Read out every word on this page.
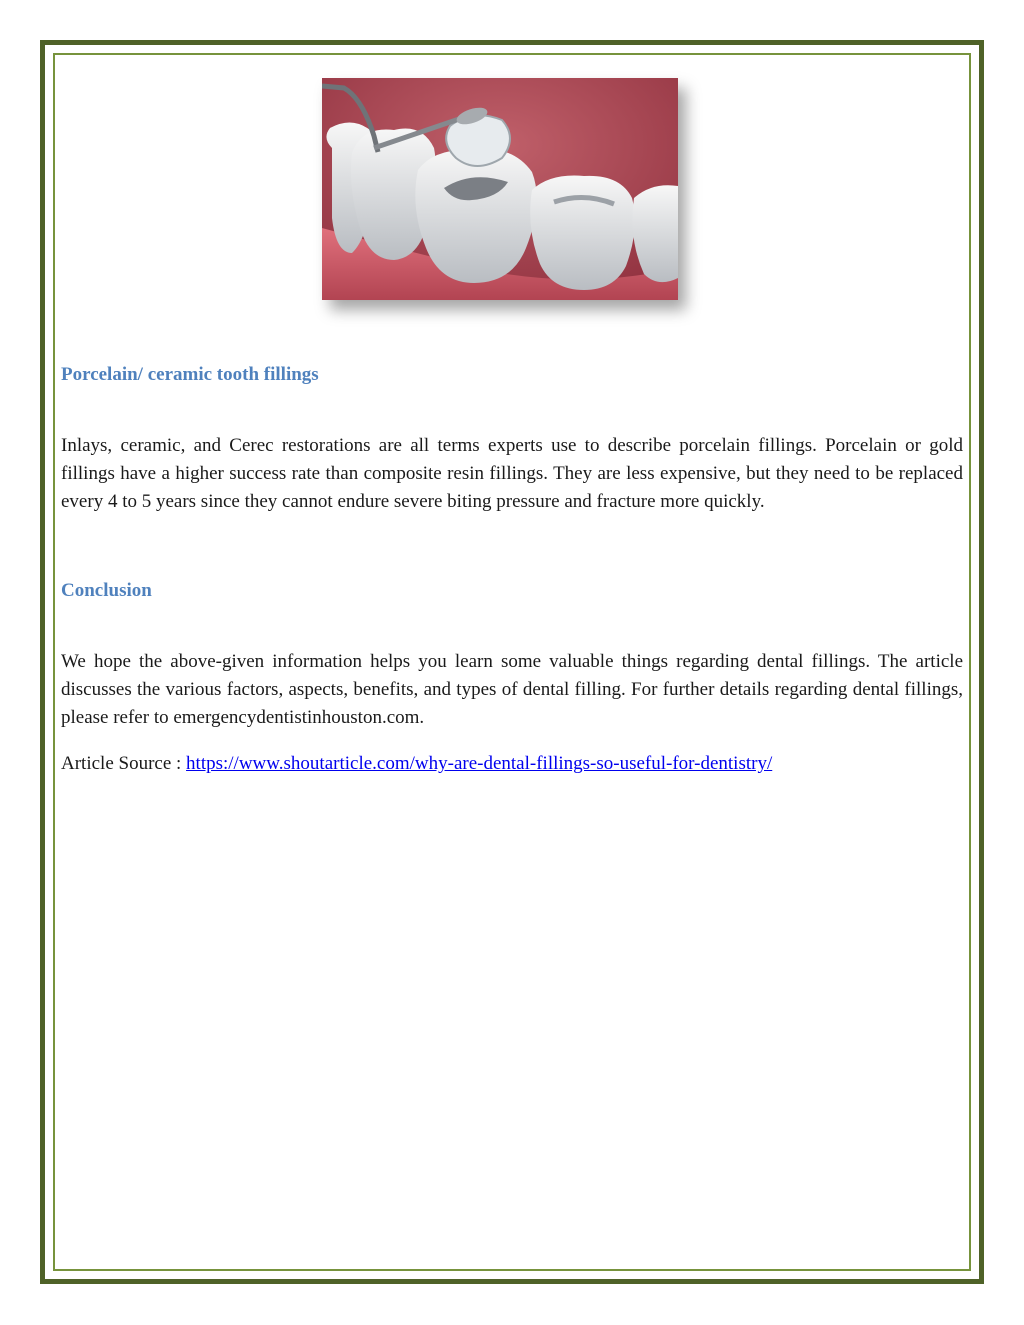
Porcelain/ ceramic tooth fillings

Inlays, ceramic, and Cerec restorations are all terms experts use to describe porcelain fillings. Porcelain or gold fillings have a higher success rate than composite resin fillings. They are less expensive, but they need to be replaced every 4 to 5 years since they cannot endure severe biting pressure and fracture more quickly.

Conclusion

We hope the above-given information helps you learn some valuable things regarding dental fillings. The article discusses the various factors, aspects, benefits, and types of dental filling. For further details regarding dental fillings, please refer to emergencydentistinhouston.com.

Article Source : https://www.shoutarticle.com/why-are-dental-fillings-so-useful-for-dentistry/
